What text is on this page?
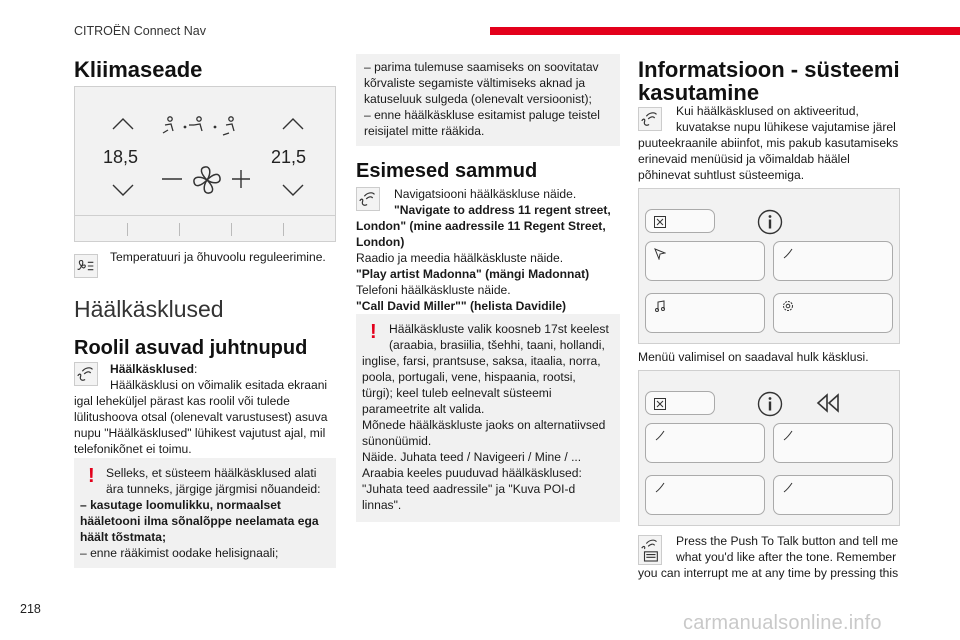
CITROËN Connect Nav
Kliimaseade
18,5	21,5
Temperatuuri ja õhuvoolu reguleerimine.
Häälkäsklused
Roolil asuvad juhtnupud
Häälkäsklused:
Häälkäsklusi on võimalik esitada ekraani
igal leheküljel pärast kas roolil või tulede
lülitushoova otsal (olenevalt varustusest) asuva
nupu "Häälkäsklused" lühikest vajutust ajal, mil
telefonikõnet ei toimu.
! Selleks, et süsteem häälkäsklused alati
ära tunneks, järgige järgmisi nõuandeid:
– kasutage loomulikku, normaalset
hääletooni ilma sõnalõppe neelamata ega
häält tõstmata;
– enne rääkimist oodake helisignaali;
– parima tulemuse saamiseks on soovitatav
kõrvaliste segamiste vältimiseks aknad ja
katuseluuk sulgeda (olenevalt versioonist);
– enne häälkäskluse esitamist paluge teistel
reisijatel mitte rääkida.
Esimesed sammud
Navigatsiooni häälkäskluse näide.
"Navigate to address 11 regent street,
London" (mine aadressile 11 Regent Street,
London)
Raadio ja meedia häälkäskluste näide.
"Play artist Madonna" (mängi Madonnat)
Telefoni häälkäskluste näide.
"Call David Miller"" (helista Davidile)
! Häälkäskluste valik koosneb 17st keelest
(araabia, brasiilia, tšehhi, taani, hollandi,
inglise, farsi, prantsuse, saksa, itaalia, norra,
poola, portugali, vene, hispaania, rootsi,
türgi); keel tuleb eelnevalt süsteemi
parameetrite alt valida.
Mõnede häälkäskluste jaoks on alternatiivsed
sünonüümid.
Näide. Juhata teed / Navigeeri / Mine / ...
Araabia keeles puuduvad häälkäsklused:
"Juhata teed aadressile" ja "Kuva POI-d
linnas".
Informatsioon - süsteemi
kasutamine
Kui häälkäsklused on aktiveeritud,
kuvatakse nupu lühikese vajutamise järel
puuteekraanile abiinfot, mis pakub kasutamiseks
erinevaid menüüsid ja võimaldab häälel
põhinevat suhtlust süsteemiga.
Menüü valimisel on saadaval hulk käsklusi.
Press the Push To Talk button and tell me
what you'd like after the tone. Remember
you can interrupt me at any time by pressing this
218
carmanualsonline.info
